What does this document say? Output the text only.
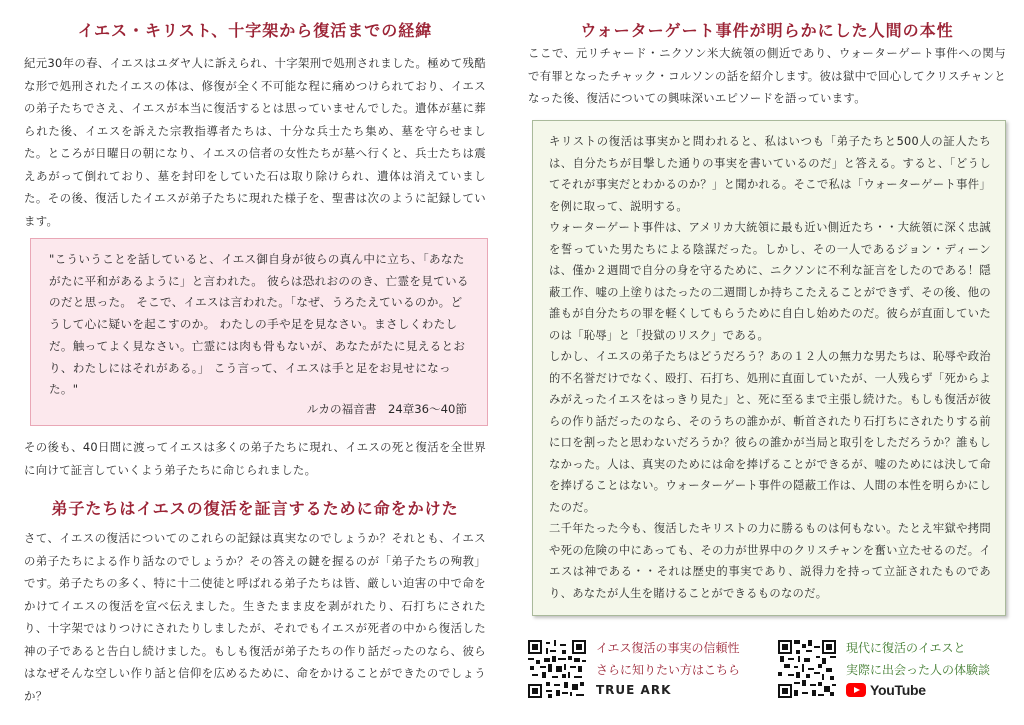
イエス・キリスト、十字架から復活までの経緯

紀元30年の春、イエスはユダヤ人に訴えられ、十字架刑で処刑されました。極めて残酷な形で処刑されたイエスの体は、修復が全く不可能な程に痛めつけられており、イエスの弟子たちでさえ、イエスが本当に復活するとは思っていませんでした。遺体が墓に葬られた後、イエスを訴えた宗教指導者たちは、十分な兵士たち集め、墓を守らせました。ところが日曜日の朝になり、イエスの信者の女性たちが墓へ行くと、兵士たちは震えあがって倒れており、墓を封印をしていた石は取り除けられ、遺体は消えていました。その後、復活したイエスが弟子たちに現れた様子を、聖書は次のように記録しています。

"こういうことを話していると、イエス御自身が彼らの真ん中に立ち、「あなたがたに平和があるように」と言われた。 彼らは恐れおののき、亡霊を見ているのだと思った。 そこで、イエスは言われた。「なぜ、うろたえているのか。どうして心に疑いを起こすのか。 わたしの手や足を見なさい。まさしくわたしだ。触ってよく見なさい。亡霊には肉も骨もないが、あなたがたに見えるとおり、わたしにはそれがある。」 こう言って、イエスは手と足をお見せになった。"

ルカの福音書　24章36～40節

その後も、40日間に渡ってイエスは多くの弟子たちに現れ、イエスの死と復活を全世界に向けて証言していくよう弟子たちに命じられました。

弟子たちはイエスの復活を証言するために命をかけた

さて、イエスの復活についてのこれらの記録は真実なのでしょうか？それとも、イエスの弟子たちによる作り話なのでしょうか？その答えの鍵を握るのが「弟子たちの殉教」です。弟子たちの多く、特に十二使徒と呼ばれる弟子たちは皆、厳しい迫害の中で命をかけてイエスの復活を宣べ伝えました。生きたまま皮を剥がれたり、石打ちにされたり、十字架ではりつけにされたりしましたが、それでもイエスが死者の中から復活した神の子であると告白し続けました。もしも復活が弟子たちの作り話だったのなら、彼らはなぜそんな空しい作り話と信仰を広めるために、命をかけることができたのでしょうか？

ウォーターゲート事件が明らかにした人間の本性

ここで、元リチャード・ニクソン米大統領の側近であり、ウォーターゲート事件への関与で有罪となったチャック・コルソンの話を紹介します。彼は獄中で回心してクリスチャンとなった後、復活についての興味深いエピソードを語っています。

キリストの復活は事実かと問われると、私はいつも「弟子たちと500人の証人たちは、自分たちが目撃した通りの事実を書いているのだ」と答える。すると、「どうしてそれが事実だとわかるのか？」と聞かれる。そこで私は「ウォーターゲート事件」を例に取って、説明する。
ウォーターゲート事件は、アメリカ大統領に最も近い側近たち・・大統領に深く忠誠を誓っていた男たちによる陰謀だった。しかし、その一人であるジョン・ディーンは、僅か２週間で自分の身を守るために、ニクソンに不利な証言をしたのである！隠蔽工作、嘘の上塗りはたったの二週間しか持ちこたえることができず、その後、他の誰もが自分たちの罪を軽くしてもらうために自白し始めたのだ。彼らが直面していたのは「恥辱」と「投獄のリスク」である。
しかし、イエスの弟子たちはどうだろう？あの１２人の無力な男たちは、恥辱や政治的不名誉だけでなく、殴打、石打ち、処刑に直面していたが、一人残らず「死からよみがえったイエスをはっきり見た」と、死に至るまで主張し続けた。もしも復活が彼らの作り話だったのなら、そのうちの誰かが、斬首されたり石打ちにされたりする前に口を割ったと思わないだろうか？彼らの誰かが当局と取引をしただろうか？誰もしなかった。人は、真実のためには命を捧げることができるが、嘘のためには決して命を捧げることはない。ウォーターゲート事件の隠蔽工作は、人間の本性を明らかにしたのだ。
二千年たった今も、復活したキリストの力に勝るものは何もない。たとえ牢獄や拷問や死の危険の中にあっても、その力が世界中のクリスチャンを奮い立たせるのだ。イエスは神である・・それは歴史的事実であり、説得力を持って立証されたものであり、あなたが人生を賭けることができるものなのだ。

イエス復活の事実の信頼性

さらに知りたい方はこちら

TRUE ARK

現代に復活のイエスと

実際に出会った人の体験談

YouTube
